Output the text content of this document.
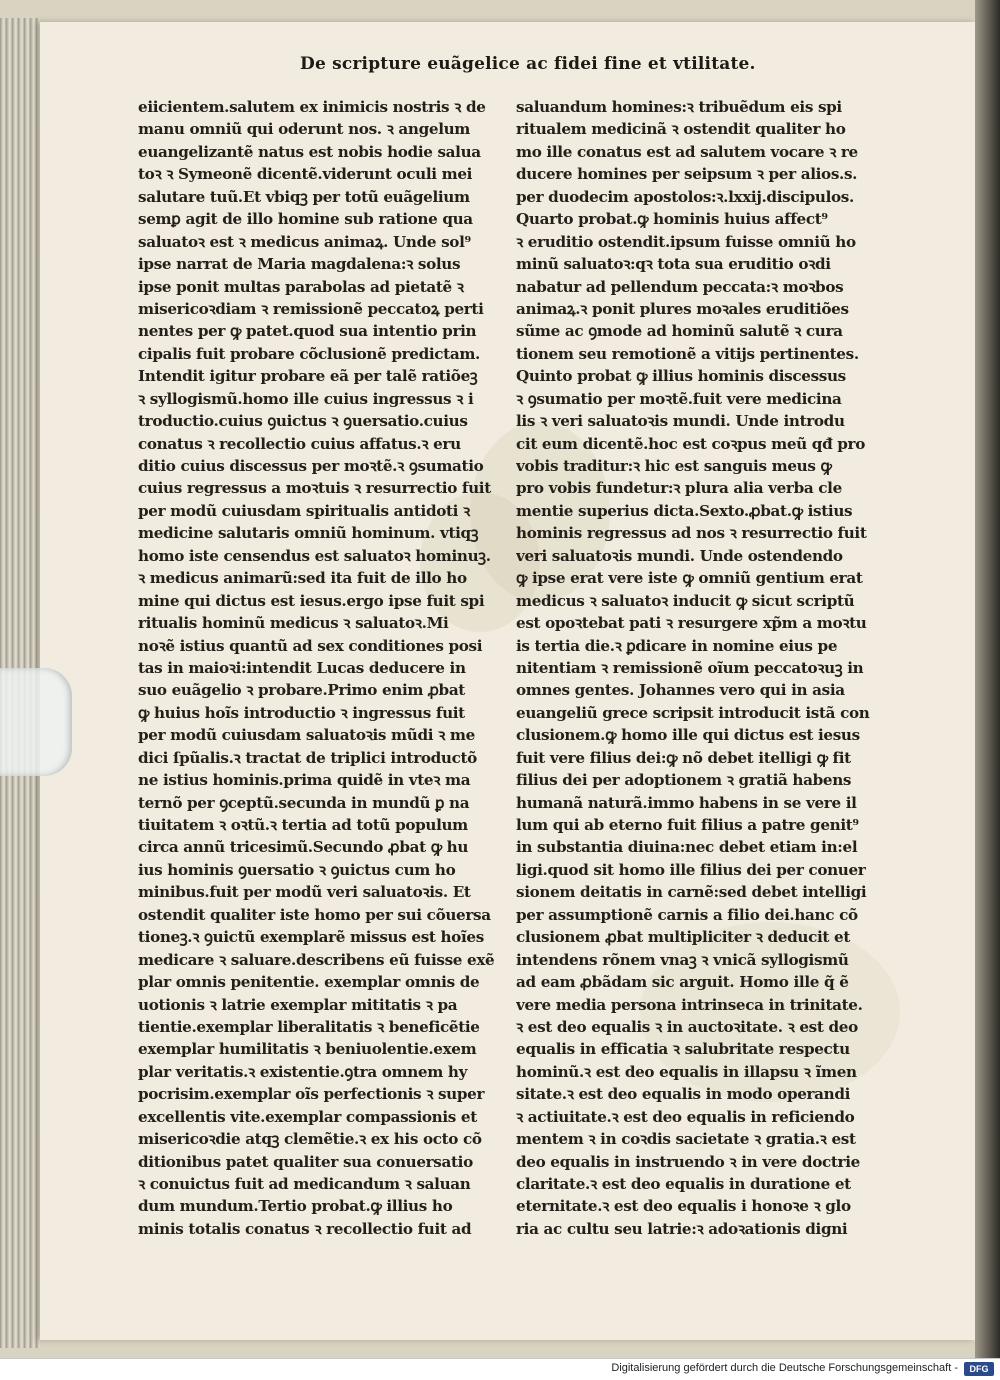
De scripture euãgelice ac fidei fine et vtilitate.
eiicientem.salutem ex inimicis nostris ꝛ de
manu omniũ qui oderunt nos. ꝛ angelum
euangelizantẽ natus est nobis hodie salua
toꝛ ꝛ Symeonẽ dicentẽ.viderunt oculi mei
salutare tuũ.Et vbiqꝫ per totũ euãgelium
semꝑ agit de illo homine sub ratione qua
saluatoꝛ est ꝛ medicus animaꝝ. Unde sol⁹
ipse narrat de Maria magdalena:ꝛ solus
ipse ponit multas parabolas ad pietatẽ ꝛ
misericoꝛdiam ꝛ remissionẽ peccatoꝝ perti
nentes per ꝙ patet.quod sua intentio prin
cipalis fuit probare cõclusionẽ predictam.
Intendit igitur probare eã per talẽ ratiõeꝫ
ꝛ syllogismũ.homo ille cuius ingressus ꝛ i
troductio.cuius ꝯuictus ꝛ ꝯuersatio.cuius
conatus ꝛ recollectio cuius affatus.ꝛ eru
ditio cuius discessus per moꝛtẽ.ꝛ ꝯsumatio
cuius regressus a moꝛtuis ꝛ resurrectio fuit
per modũ cuiusdam spiritualis antidoti ꝛ
medicine salutaris omniũ hominum. vtiqꝫ
homo iste censendus est saluatoꝛ hominuꝫ.
ꝛ medicus animarũ:sed ita fuit de illo ho
mine qui dictus est iesus.ergo ipse fuit spi
ritualis hominũ medicus ꝛ saluatoꝛ.Mi
noꝛẽ istius quantũ ad sex conditiones posi
tas in maioꝛi:intendit Lucas deducere in
suo euãgelio ꝛ probare.Primo enim ꝓbat
ꝙ huius hoĩs introductio ꝛ ingressus fuit
per modũ cuiusdam saluatoꝛis mũdi ꝛ me
dici ſpũalis.ꝛ tractat de triplici introductõ
ne istius hominis.prima quidẽ in vteꝛ ma
ternõ per ꝯceptũ.secunda in mundũ ꝑ na
tiuitatem ꝛ oꝛtũ.ꝛ tertia ad totũ populum
circa annũ tricesimũ.Secundo ꝓbat ꝙ hu
ius hominis ꝯuersatio ꝛ ꝯuictus cum ho
minibus.fuit per modũ veri saluatoꝛis. Et
ostendit qualiter iste homo per sui cõuersa
tioneꝫ.ꝛ ꝯuictũ exemplarẽ missus est hoĩes
medicare ꝛ saluare.describens eũ fuisse exẽ
plar omnis penitentie. exemplar omnis de
uotionis ꝛ latrie exemplar mititatis ꝛ pa
tientie.exemplar liberalitatis ꝛ beneficẽtie
exemplar humilitatis ꝛ beniuolentie.exem
plar veritatis.ꝛ existentie.ꝯtra omnem hy
pocrisim.exemplar oĩs perfectionis ꝛ super
excellentis vite.exemplar compassionis et
misericoꝛdie atqꝫ clemẽtie.ꝛ ex his octo cõ
ditionibus patet qualiter sua conuersatio
ꝛ conuictus fuit ad medicandum ꝛ saluan
dum mundum.Tertio probat.ꝙ illius ho
minis totalis conatus ꝛ recollectio fuit ad
saluandum homines:ꝛ tribuẽdum eis spi
ritualem medicinã ꝛ ostendit qualiter ho
mo ille conatus est ad salutem vocare ꝛ re
ducere homines per seipsum ꝛ per alios.s.
per duodecim apostolos:ꝛ.lxxij.discipulos.
Quarto probat.ꝙ hominis huius affect⁹
ꝛ eruditio ostendit.ipsum fuisse omniũ ho
minũ saluatoꝛ:qꝛ tota sua eruditio oꝛdi
nabatur ad pellendum peccata:ꝛ moꝛbos
animaꝝ.ꝛ ponit plures moꝛales eruditiões
sũme ac ꝯmode ad hominũ salutẽ ꝛ cura
tionem seu remotionẽ a vitijs pertinentes.
Quinto probat ꝙ illius hominis discessus
ꝛ ꝯsumatio per moꝛtẽ.fuit vere medicina
lis ꝛ veri saluatoꝛis mundi. Unde introdu
cit eum dicentẽ.hoc est coꝛpus meũ qđ pro
vobis traditur:ꝛ hic est sanguis meus ꝙ
pro vobis fundetur:ꝛ plura alia verba cle
mentie superius dicta.Sexto.ꝓbat.ꝙ istius
hominis regressus ad nos ꝛ resurrectio fuit
veri saluatoꝛis mundi. Unde ostendendo
ꝙ ipse erat vere iste ꝙ omniũ gentium erat
medicus ꝛ saluatoꝛ inducit ꝙ sicut scriptũ
est opoꝛtebat pati ꝛ resurgere xp̃m a moꝛtu
is tertia die.ꝛ ꝑdicare in nomine eius pe
nitentiam ꝛ remissionẽ oĩum peccatoꝛuꝫ in
omnes gentes. Johannes vero qui in asia
euangeliũ grece scripsit introducit istã con
clusionem.ꝙ homo ille qui dictus est iesus
fuit vere filius dei:ꝙ nõ debet itelligi ꝙ fit
filius dei per adoptionem ꝛ gratiã habens
humanã naturã.immo habens in se vere il
lum qui ab eterno fuit filius a patre genit⁹
in substantia diuina:nec debet etiam in:el
ligi.quod sit homo ille filius dei per conuer
sionem deitatis in carnẽ:sed debet intelligi
per assumptionẽ carnis a filio dei.hanc cõ
clusionem ꝓbat multipliciter ꝛ deducit et
intendens rõnem vnaꝫ ꝛ vnicã syllogismũ
ad eam ꝓbãdam sic arguit. Homo ille q̃ ẽ
vere media persona intrinseca in trinitate.
ꝛ est deo equalis ꝛ in auctoꝛitate. ꝛ est deo
equalis in efficatia ꝛ salubritate respectu
hominũ.ꝛ est deo equalis in illapsu ꝛ ĩmen
sitate.ꝛ est deo equalis in modo operandi
ꝛ actiuitate.ꝛ est deo equalis in reficiendo
mentem ꝛ in coꝛdis sacietate ꝛ gratia.ꝛ est
deo equalis in instruendo ꝛ in vere doctrie
claritate.ꝛ est deo equalis in duratione et
eternitate.ꝛ est deo equalis i honoꝛe ꝛ glo
ria ac cultu seu latrie:ꝛ adoꝛationis digni
Digitalisierung gefördert durch die Deutsche Forschungsgemeinschaft -	DFG
